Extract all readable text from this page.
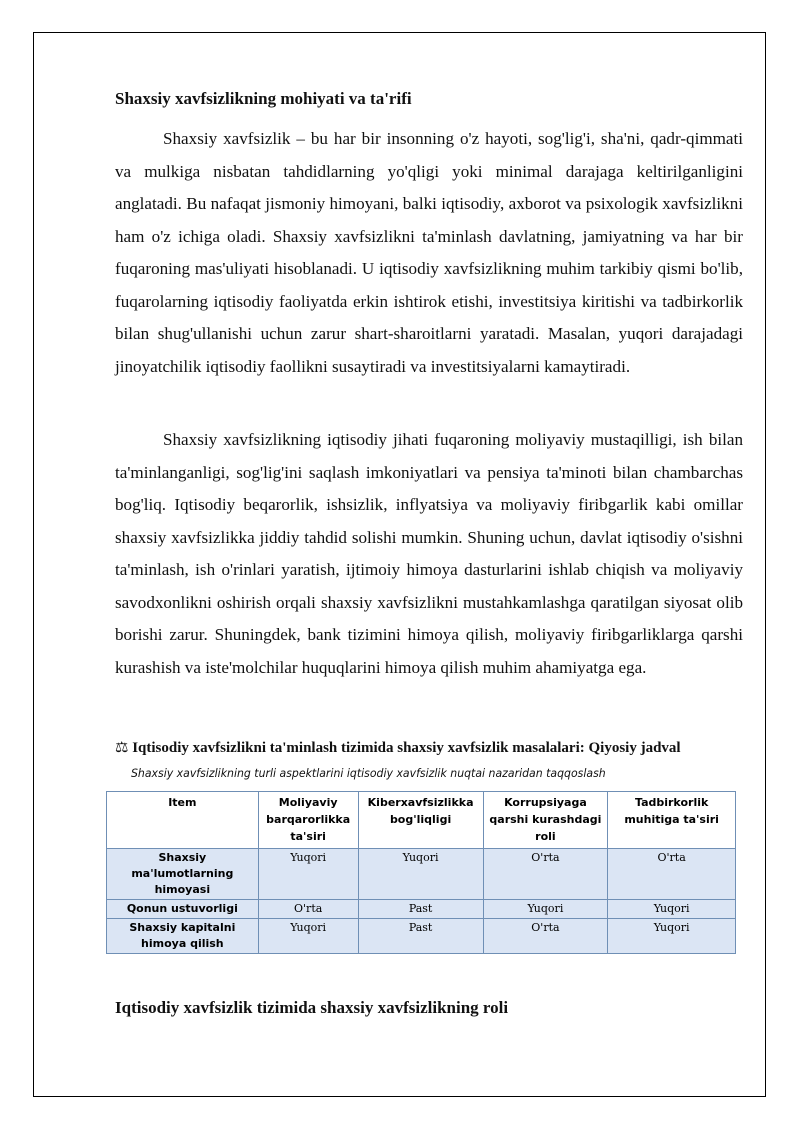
Shaxsiy xavfsizlikning mohiyati va ta'rifi

Shaxsiy xavfsizlik – bu har bir insonning o'z hayoti, sog'lig'i, sha'ni, qadr-qimmati va mulkiga nisbatan tahdidlarning yo'qligi yoki minimal darajaga keltirilganligini anglatadi. Bu nafaqat jismoniy himoyani, balki iqtisodiy, axborot va psixologik xavfsizlikni ham o'z ichiga oladi. Shaxsiy xavfsizlikni ta'minlash davlatning, jamiyatning va har bir fuqaroning mas'uliyati hisoblanadi. U iqtisodiy xavfsizlikning muhim tarkibiy qismi bo'lib, fuqarolarning iqtisodiy faoliyatda erkin ishtirok etishi, investitsiya kiritishi va tadbirkorlik bilan shug'ullanishi uchun zarur shart-sharoitlarni yaratadi. Masalan, yuqori darajadagi jinoyatchilik iqtisodiy faollikni susaytiradi va investitsiyalarni kamaytiradi.

Shaxsiy xavfsizlikning iqtisodiy jihati fuqaroning moliyaviy mustaqilligi, ish bilan ta'minlanganligi, sog'lig'ini saqlash imkoniyatlari va pensiya ta'minoti bilan chambarchas bog'liq. Iqtisodiy beqarorlik, ishsizlik, inflyatsiya va moliyaviy firibgarlik kabi omillar shaxsiy xavfsizlikka jiddiy tahdid solishi mumkin. Shuning uchun, davlat iqtisodiy o'sishni ta'minlash, ish o'rinlari yaratish, ijtimoiy himoya dasturlarini ishlab chiqish va moliyaviy savodxonlikni oshirish orqali shaxsiy xavfsizlikni mustahkamlashga qaratilgan siyosat olib borishi zarur. Shuningdek, bank tizimini himoya qilish, moliyaviy firibgarliklarga qarshi kurashish va iste'molchilar huquqlarini himoya qilish muhim ahamiyatga ega.

⚖ Iqtisodiy xavfsizlikni ta'minlash tizimida shaxsiy xavfsizlik masalalari: Qiyosiy jadval
Shaxsiy xavfsizlikning turli aspektlarini iqtisodiy xavfsizlik nuqtai nazaridan taqqoslash
Iqtisodiy xavfsizlik tizimida shaxsiy xavfsizlikning roli
Item	Moliyaviy barqarorlikka ta'siri	Kiberxavfsizlikka bog'liqligi	Korrupsiyaga qarshi kurashdagi roli	Tadbirkorlik muhitiga ta'siri
Shaxsiy ma'lumotlarning himoyasi	Yuqori	Yuqori	O'rta	O'rta
Qonun ustuvorligi	O'rta	Past	Yuqori	Yuqori
Shaxsiy kapitalni himoya qilish	Yuqori	Past	O'rta	Yuqori
